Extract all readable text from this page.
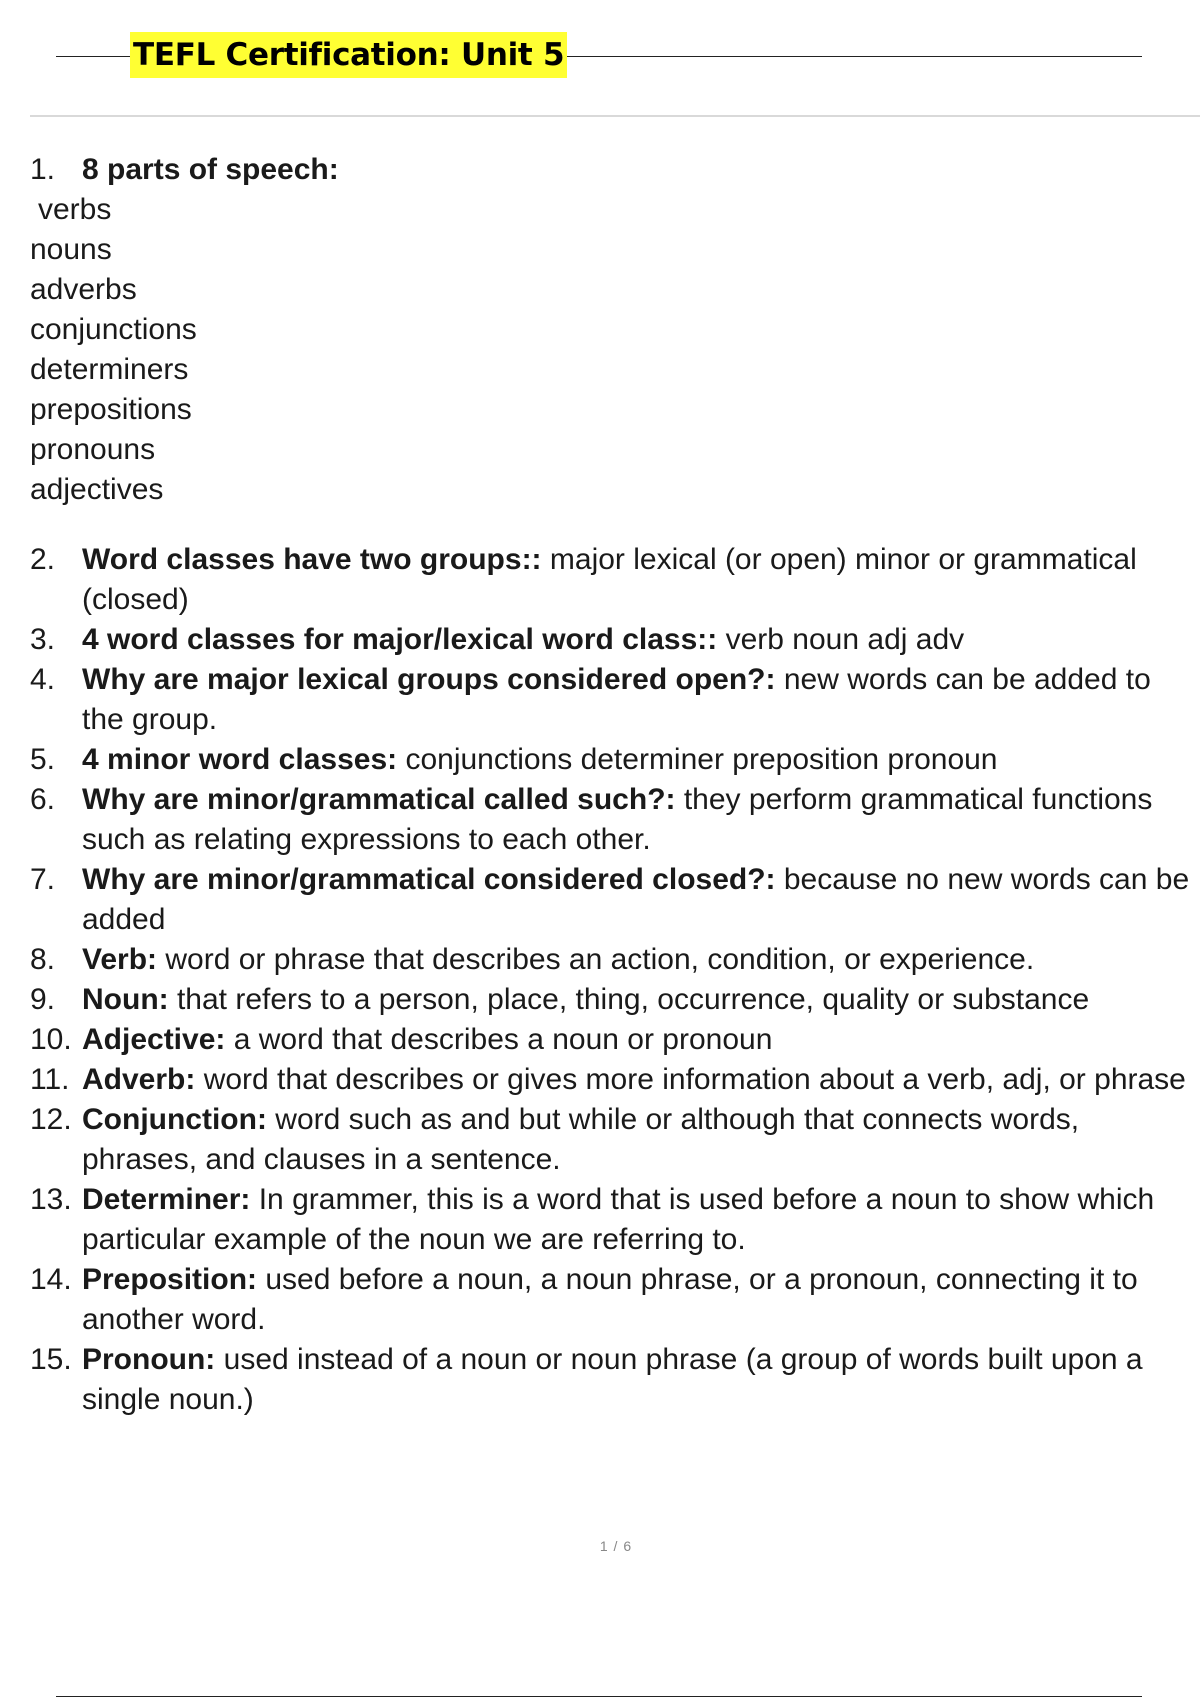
TEFL Certification: Unit 5
1. 8 parts of speech:
verbs
nouns
adverbs
conjunctions
determiners
prepositions
pronouns
adjectives
2. Word classes have two groups:: major lexical (or open) minor or grammatical (closed)
3. 4 word classes for major/lexical word class:: verb noun adj adv
4. Why are major lexical groups considered open?: new words can be added to the group.
5. 4 minor word classes: conjunctions determiner preposition pronoun
6. Why are minor/grammatical called such?: they perform grammatical functions such as relating expressions to each other.
7. Why are minor/grammatical considered closed?: because no new words can be added
8. Verb: word or phrase that describes an action, condition, or experience.
9. Noun: that refers to a person, place, thing, occurrence, quality or substance
10. Adjective: a word that describes a noun or pronoun
11. Adverb: word that describes or gives more information about a verb, adj, or phrase
12. Conjunction: word such as and but while or although that connects words, phrases, and clauses in a sentence.
13. Determiner: In grammer, this is a word that is used before a noun to show which particular example of the noun we are referring to.
14. Preposition: used before a noun, a noun phrase, or a pronoun, connecting it to another word.
15. Pronoun: used instead of a noun or noun phrase (a group of words built upon a single noun.)
1 / 6
